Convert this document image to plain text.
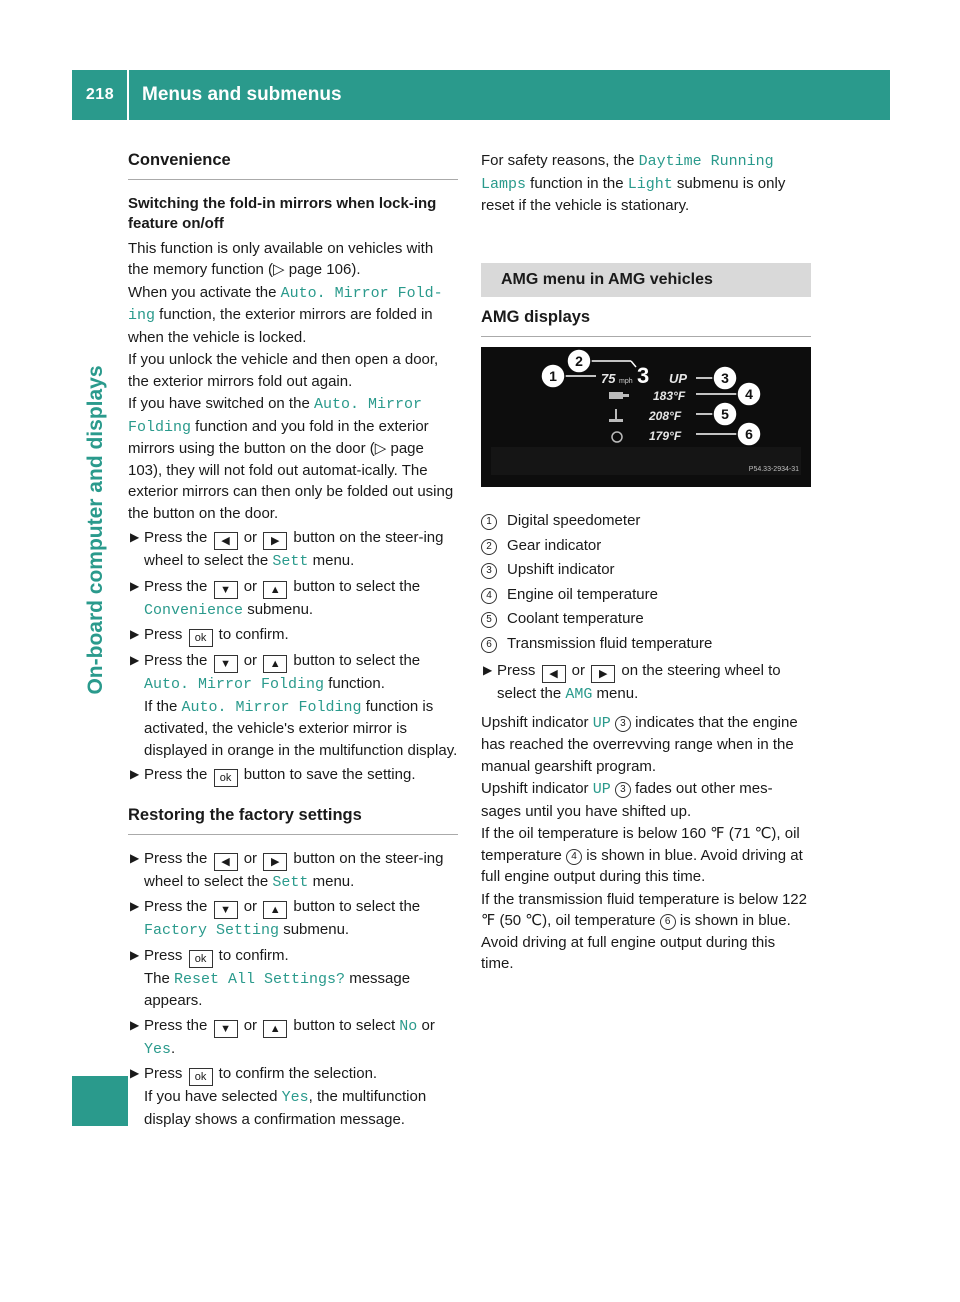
218	Menus and submenus
On-board computer and displays
Convenience
Switching the fold-in mirrors when lock-ing feature on/off

This function is only available on vehicles with the memory function (▷ page 106).

When you activate the Auto. Mirror Fold-ing function, the exterior mirrors are folded in when the vehicle is locked.

If you unlock the vehicle and then open a door, the exterior mirrors fold out again.

If you have switched on the Auto. Mirror Folding function and you fold in the exterior mirrors using the button on the door (▷ page 103), they will not fold out automat-ically. The exterior mirrors can then only be folded out using the button on the door.

▶ Press the ◀ or ▶ button on the steer-ing wheel to select the Sett menu.
▶ Press the ▼ or ▲ button to select the Convenience submenu.
▶ Press ok to confirm.
▶ Press the ▼ or ▲ button to select the Auto. Mirror Folding function.
If the Auto. Mirror Folding function is activated, the vehicle's exterior mirror is displayed in orange in the multifunction display.
▶ Press the ok button to save the setting.
Restoring the factory settings
▶ Press the ◀ or ▶ button on the steer-ing wheel to select the Sett menu.
▶ Press the ▼ or ▲ button to select the Factory Setting submenu.
▶ Press ok to confirm.
The Reset All Settings? message appears.
▶ Press the ▼ or ▲ button to select No or Yes.
▶ Press ok to confirm the selection.
If you have selected Yes, the multifunction display shows a confirmation message.

For safety reasons, the Daytime Running Lamps function in the Light submenu is only reset if the vehicle is stationary.

AMG menu in AMG vehicles
AMG displays
75 mph 3 UP
183°F
208°F
179°F
1
2
3
4
5
6
P54.33-2934-31
1	Digital speedometer
2	Gear indicator
3	Upshift indicator
4	Engine oil temperature
5	Coolant temperature
6	Transmission fluid temperature
▶ Press ◀ or ▶ on the steering wheel to select the AMG menu.

Upshift indicator UP 3 indicates that the engine has reached the overrevving range when in the manual gearshift program.

Upshift indicator UP 3 fades out other mes-sages until you have shifted up.

If the oil temperature is below 160 ℉ (71 ℃), oil temperature 4 is shown in blue. Avoid driving at full engine output during this time.

If the transmission fluid temperature is below 122 ℉ (50 ℃), oil temperature 6 is shown in blue. Avoid driving at full engine output during this time.
